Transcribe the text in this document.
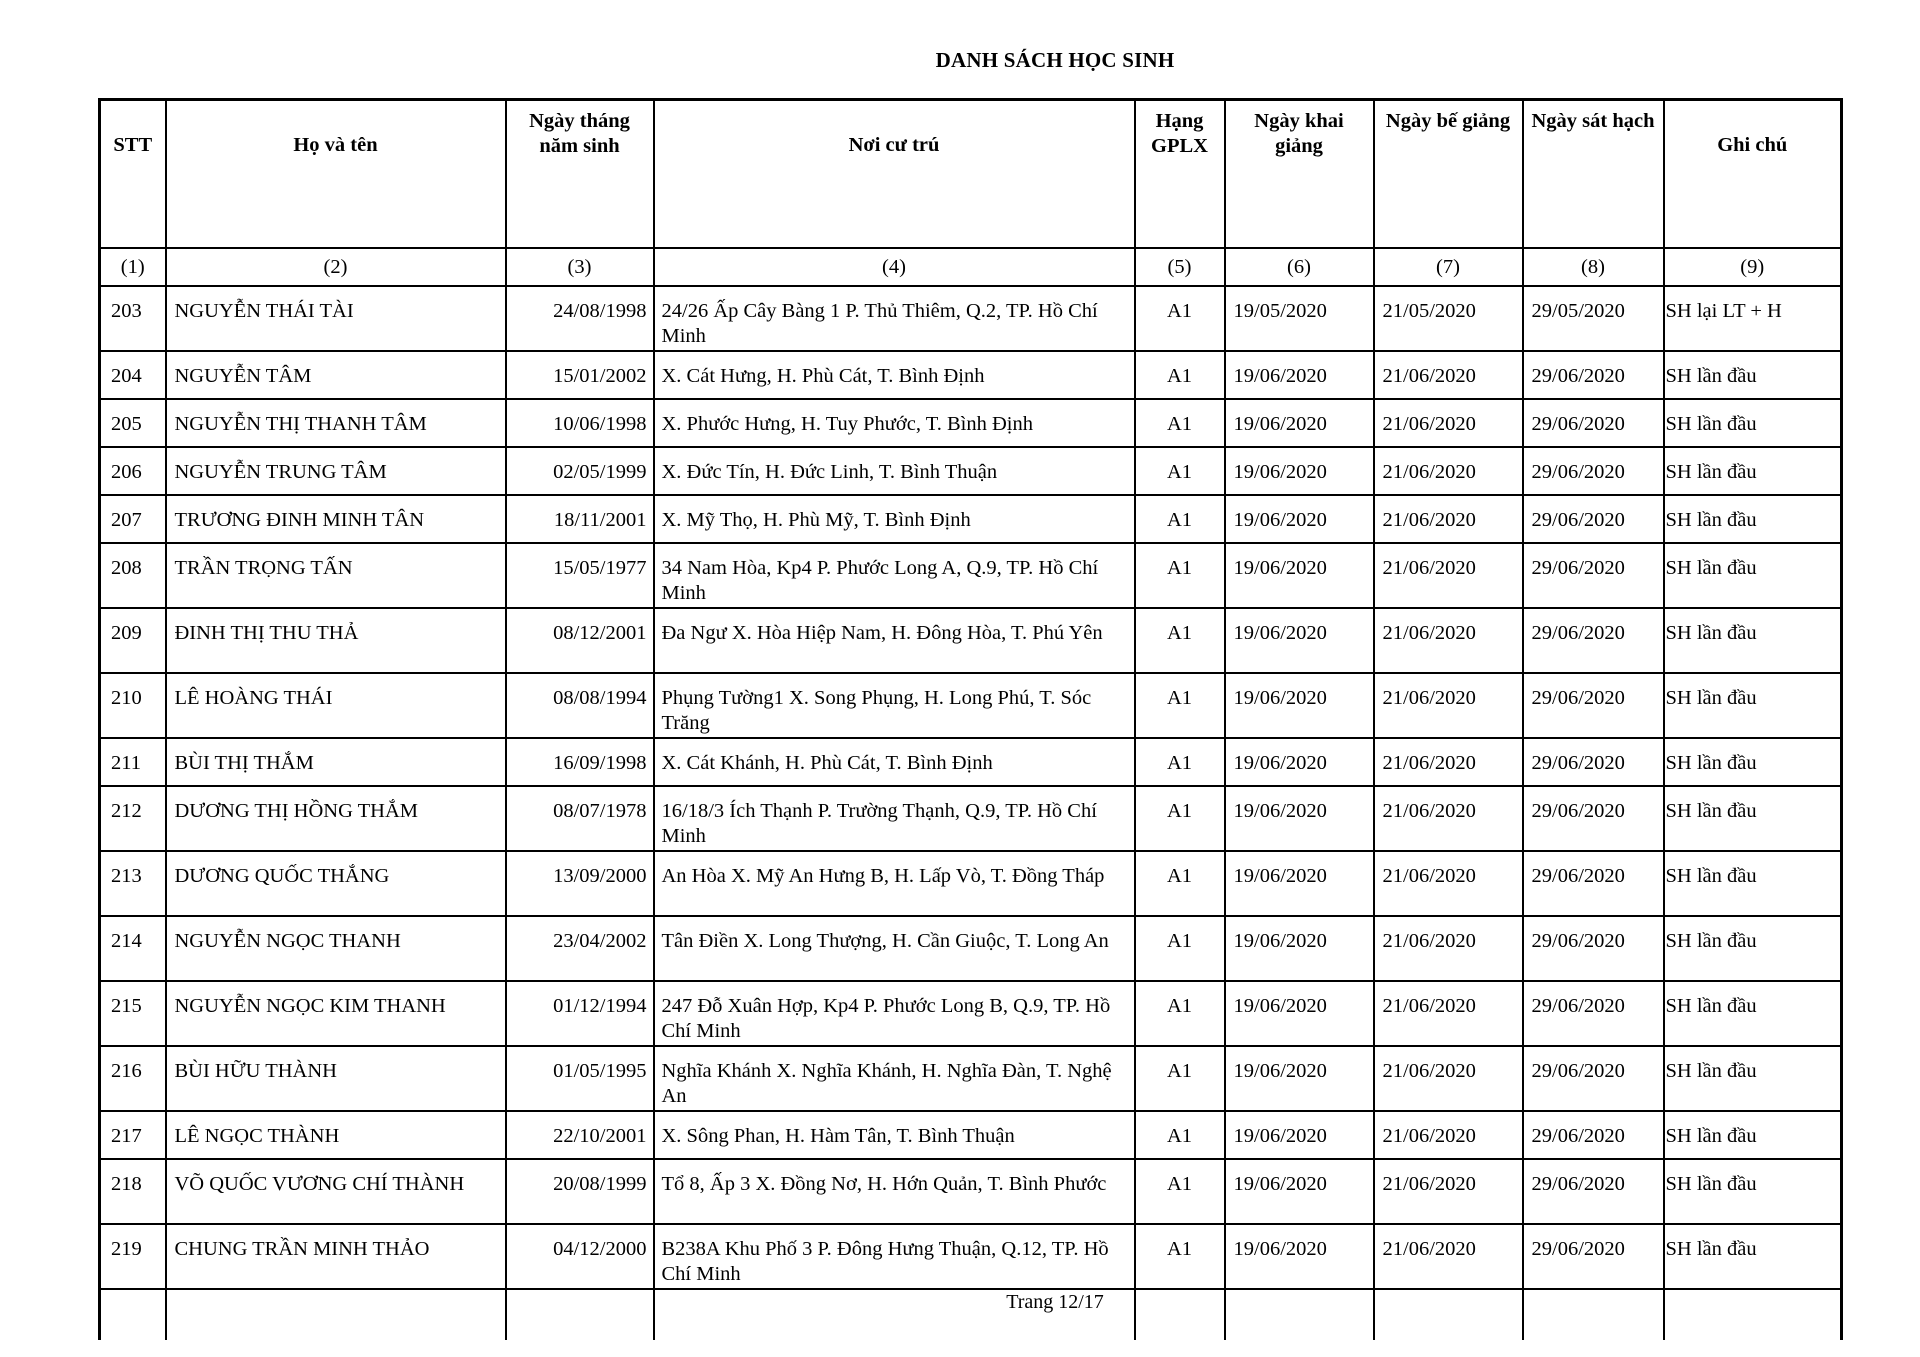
DANH SÁCH HỌC SINH
STT	Họ và tên	Ngày tháng năm sinh	Nơi cư trú	Hạng GPLX	Ngày khai giảng	Ngày bế giảng	Ngày sát hạch	Ghi chú
(1)	(2)	(3)	(4)	(5)	(6)	(7)	(8)	(9)
203	NGUYỄN THÁI TÀI	24/08/1998	24/26 Ấp Cây Bàng 1 P. Thủ Thiêm, Q.2, TP. Hồ Chí Minh	A1	19/05/2020	21/05/2020	29/05/2020	SH lại LT + H
204	NGUYỄN TÂM	15/01/2002	X. Cát Hưng, H. Phù Cát, T. Bình Định	A1	19/06/2020	21/06/2020	29/06/2020	SH lần đầu
205	NGUYỄN THỊ THANH TÂM	10/06/1998	X. Phước Hưng, H. Tuy Phước, T. Bình Định	A1	19/06/2020	21/06/2020	29/06/2020	SH lần đầu
206	NGUYỄN TRUNG TÂM	02/05/1999	X. Đức Tín, H. Đức Linh, T. Bình Thuận	A1	19/06/2020	21/06/2020	29/06/2020	SH lần đầu
207	TRƯƠNG ĐINH MINH TÂN	18/11/2001	X. Mỹ Thọ, H. Phù Mỹ, T. Bình Định	A1	19/06/2020	21/06/2020	29/06/2020	SH lần đầu
208	TRẦN TRỌNG TẤN	15/05/1977	34 Nam Hòa, Kp4 P. Phước Long A, Q.9, TP. Hồ Chí Minh	A1	19/06/2020	21/06/2020	29/06/2020	SH lần đầu
209	ĐINH THỊ THU THẢ	08/12/2001	Đa Ngư X. Hòa Hiệp Nam, H. Đông Hòa, T. Phú Yên	A1	19/06/2020	21/06/2020	29/06/2020	SH lần đầu
210	LÊ HOÀNG THÁI	08/08/1994	Phụng Tường1 X. Song Phụng, H. Long Phú, T. Sóc Trăng	A1	19/06/2020	21/06/2020	29/06/2020	SH lần đầu
211	BÙI THỊ THẮM	16/09/1998	X. Cát Khánh, H. Phù Cát, T. Bình Định	A1	19/06/2020	21/06/2020	29/06/2020	SH lần đầu
212	DƯƠNG THỊ HỒNG THẮM	08/07/1978	16/18/3 Ích Thạnh P. Trường Thạnh, Q.9, TP. Hồ Chí Minh	A1	19/06/2020	21/06/2020	29/06/2020	SH lần đầu
213	DƯƠNG QUỐC THẮNG	13/09/2000	An Hòa X. Mỹ An Hưng B, H. Lấp Vò, T. Đồng Tháp	A1	19/06/2020	21/06/2020	29/06/2020	SH lần đầu
214	NGUYỄN NGỌC THANH	23/04/2002	Tân Điền X. Long Thượng, H. Cần Giuộc, T. Long An	A1	19/06/2020	21/06/2020	29/06/2020	SH lần đầu
215	NGUYỄN NGỌC KIM THANH	01/12/1994	247 Đỗ Xuân Hợp, Kp4 P. Phước Long B, Q.9, TP. Hồ Chí Minh	A1	19/06/2020	21/06/2020	29/06/2020	SH lần đầu
216	BÙI HỮU THÀNH	01/05/1995	Nghĩa Khánh X. Nghĩa Khánh, H. Nghĩa Đàn, T. Nghệ An	A1	19/06/2020	21/06/2020	29/06/2020	SH lần đầu
217	LÊ NGỌC THÀNH	22/10/2001	X. Sông Phan, H. Hàm Tân, T. Bình Thuận	A1	19/06/2020	21/06/2020	29/06/2020	SH lần đầu
218	VÕ QUỐC VƯƠNG CHÍ THÀNH	20/08/1999	Tổ 8, Ấp 3 X. Đồng Nơ, H. Hớn Quản, T. Bình Phước	A1	19/06/2020	21/06/2020	29/06/2020	SH lần đầu
219	CHUNG TRẦN MINH THẢO	04/12/2000	B238A Khu Phố 3 P. Đông Hưng Thuận, Q.12, TP. Hồ Chí Minh	A1	19/06/2020	21/06/2020	29/06/2020	SH lần đầu

Trang 12/17
